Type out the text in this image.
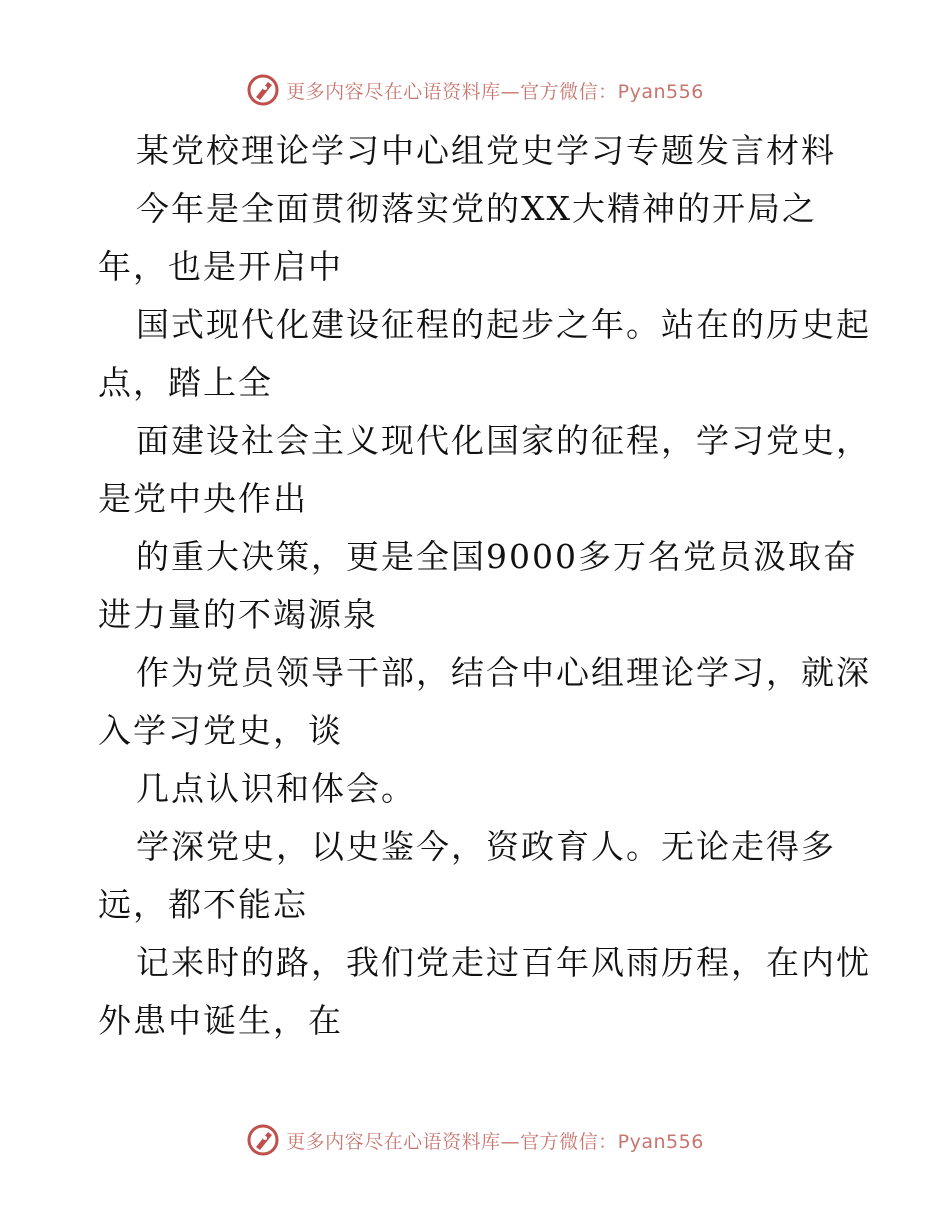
更多内容尽在心语资料库—官方微信：Pyan556
某党校理论学习中心组党史学习专题发言材料
今年是全面贯彻落实党的XX大精神的开局之
年，也是开启中
国式现代化建设征程的起步之年。站在的历史起
点，踏上全
面建设社会主义现代化国家的征程，学习党史，
是党中央作出
的重大决策，更是全国9000多万名党员汲取奋
进力量的不竭源泉
作为党员领导干部，结合中心组理论学习，就深
入学习党史，谈
几点认识和体会。
学深党史，以史鉴今，资政育人。无论走得多
远，都不能忘
记来时的路，我们党走过百年风雨历程，在内忧
外患中诞生，在
更多内容尽在心语资料库—官方微信：Pyan556
